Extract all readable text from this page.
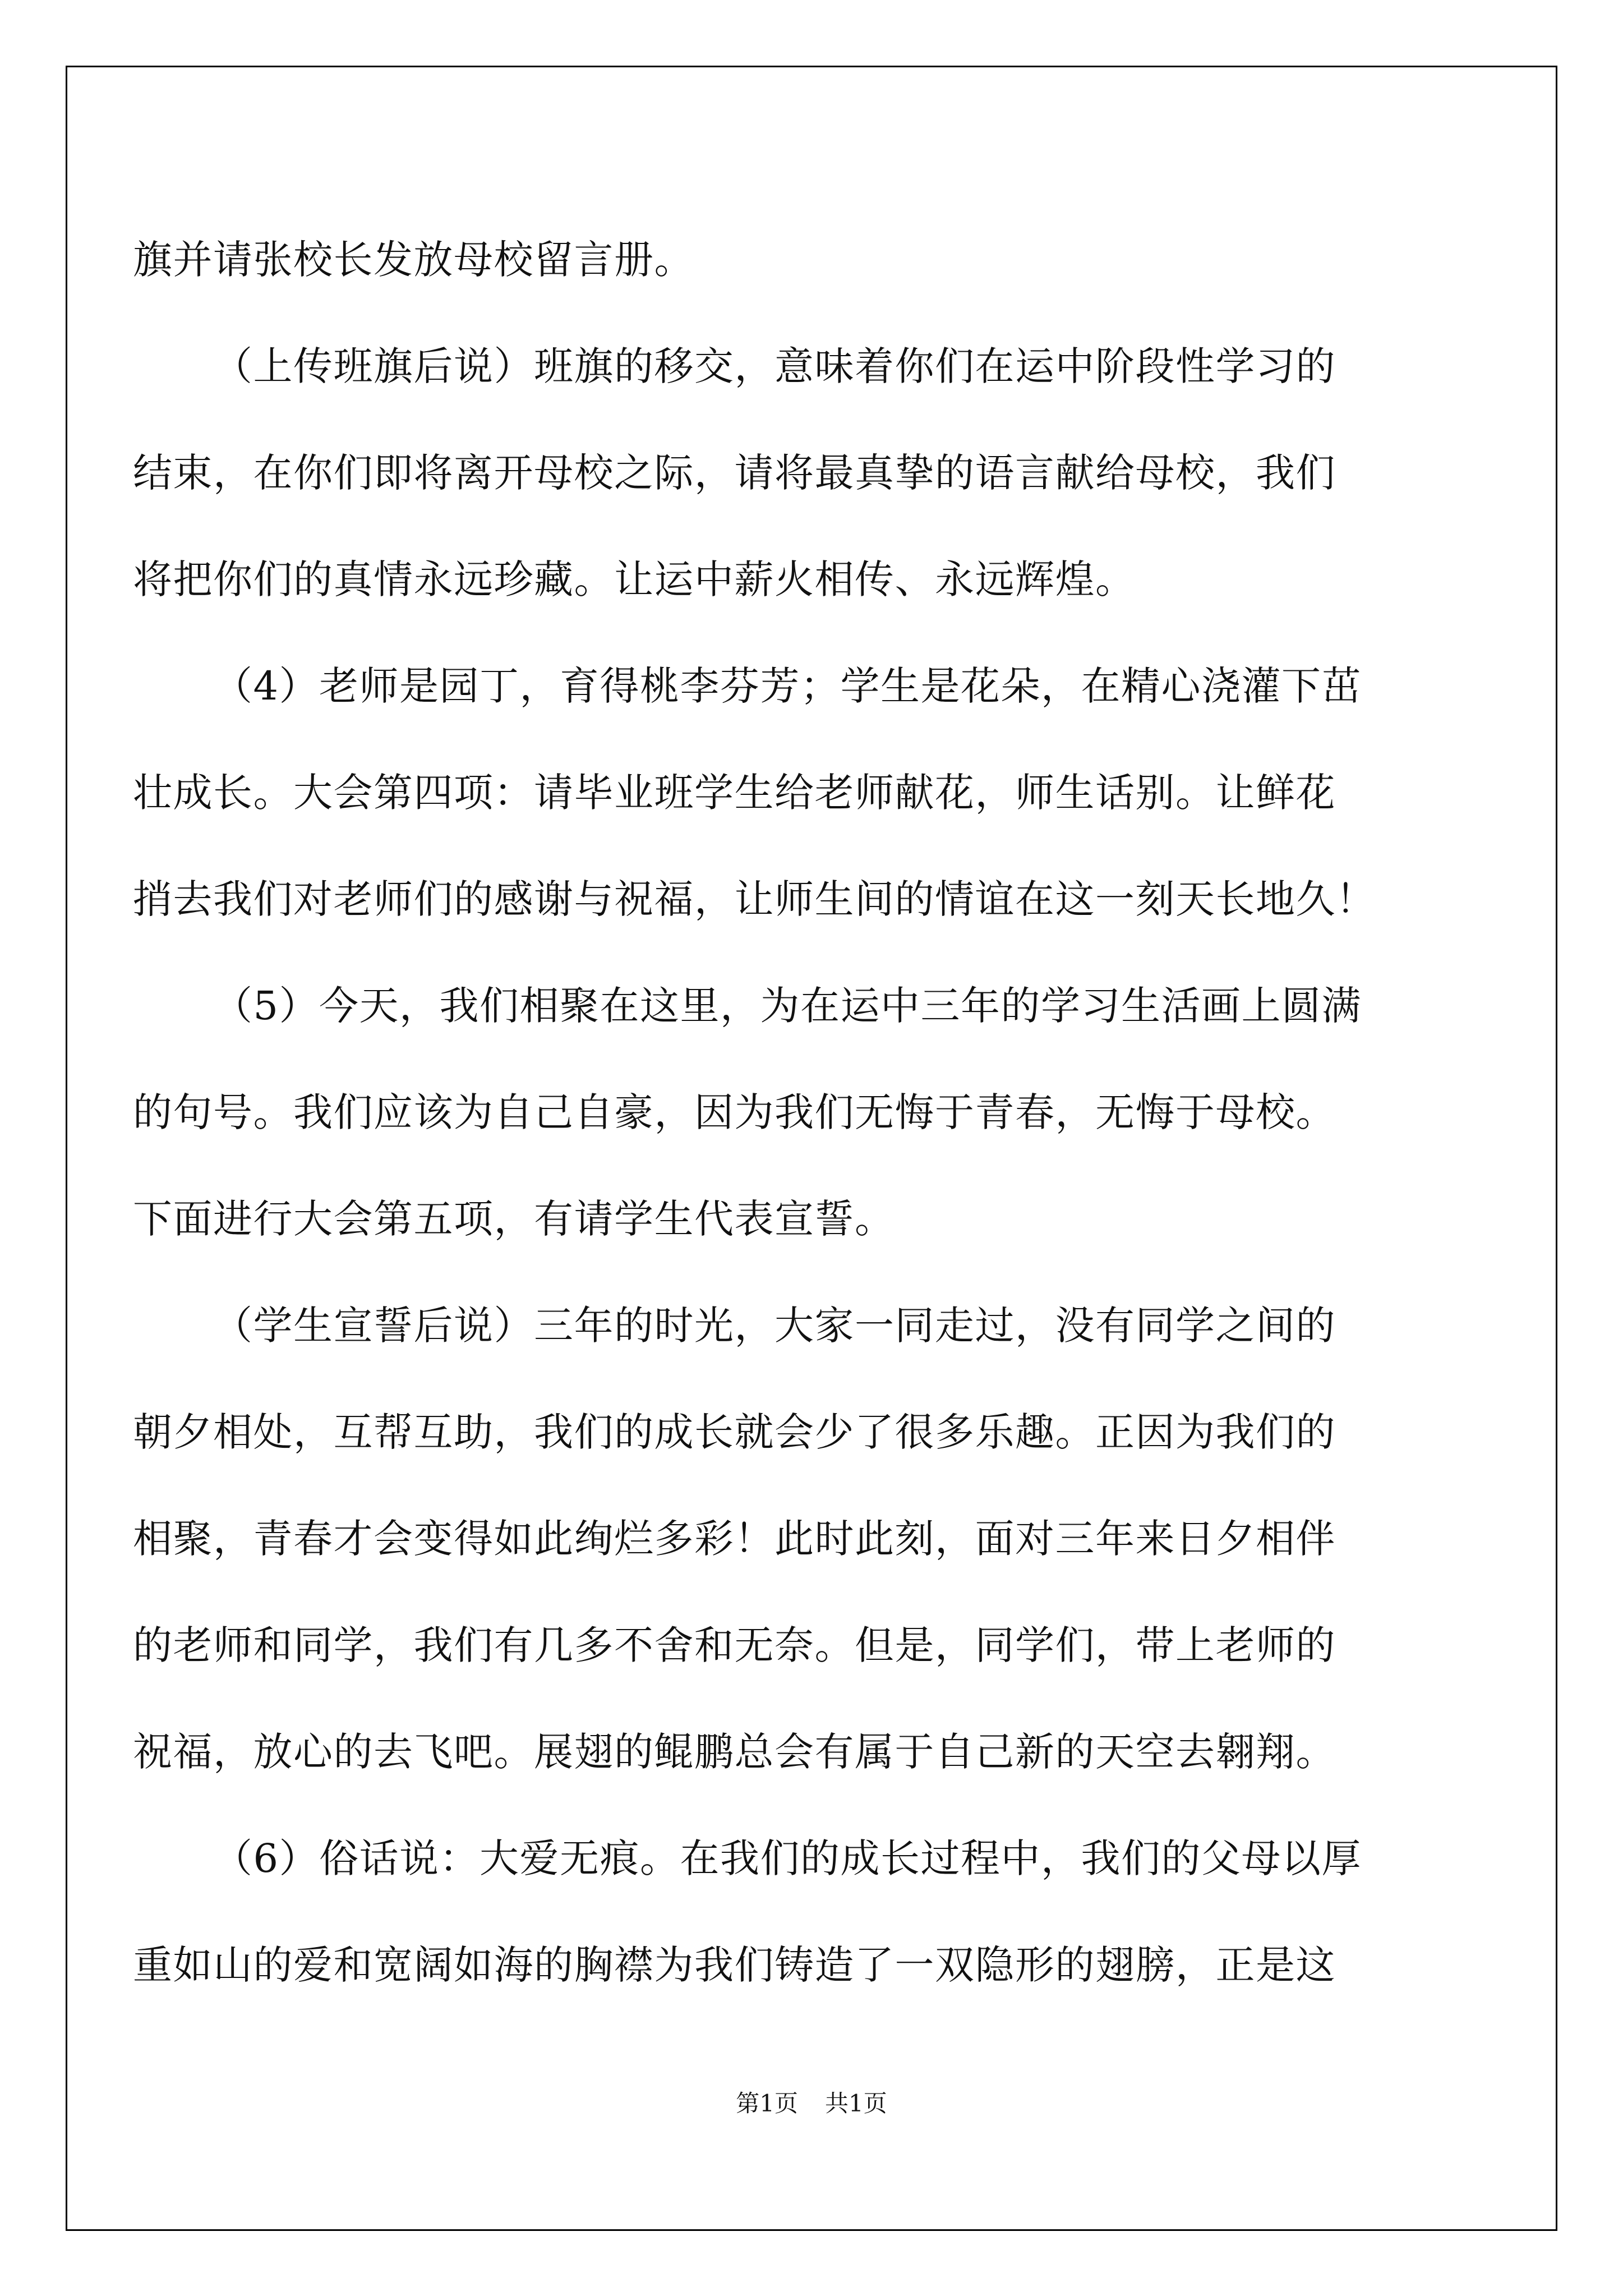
旗并请张校长发放母校留言册。
（上传班旗后说）班旗的移交，意味着你们在运中阶段性学习的
结束，在你们即将离开母校之际，请将最真挚的语言献给母校，我们
将把你们的真情永远珍藏。让运中薪火相传、永远辉煌。
（4）老师是园丁，育得桃李芬芳；学生是花朵，在精心浇灌下茁
壮成长。大会第四项：请毕业班学生给老师献花，师生话别。让鲜花
捎去我们对老师们的感谢与祝福，让师生间的情谊在这一刻天长地久！
（5）今天，我们相聚在这里，为在运中三年的学习生活画上圆满
的句号。我们应该为自己自豪，因为我们无悔于青春，无悔于母校。
下面进行大会第五项，有请学生代表宣誓。
（学生宣誓后说）三年的时光，大家一同走过，没有同学之间的
朝夕相处，互帮互助，我们的成长就会少了很多乐趣。正因为我们的
相聚，青春才会变得如此绚烂多彩！此时此刻，面对三年来日夕相伴
的老师和同学，我们有几多不舍和无奈。但是，同学们，带上老师的
祝福，放心的去飞吧。展翅的鲲鹏总会有属于自己新的天空去翱翔。
（6）俗话说：大爱无痕。在我们的成长过程中，我们的父母以厚
重如山的爱和宽阔如海的胸襟为我们铸造了一双隐形的翅膀，正是这
第1页 共1页
